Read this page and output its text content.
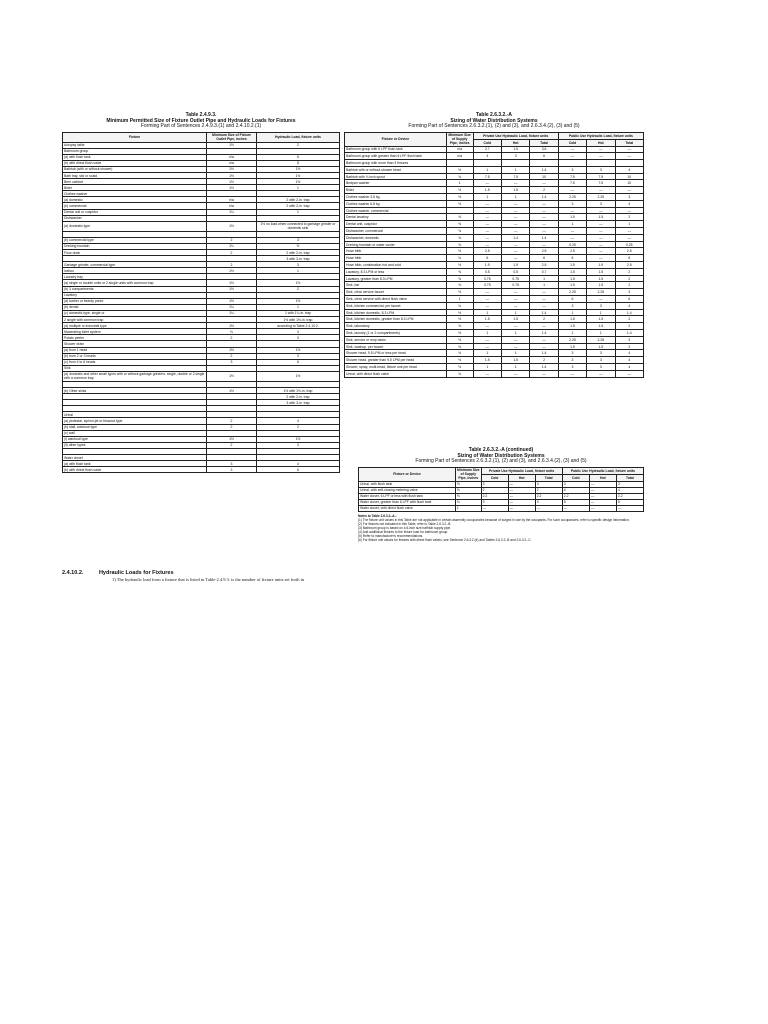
Table 2.4.9.3.
Minimum Permitted Size of Fixture Outlet Pipe and Hydraulic Loads for Fixtures
Forming Part of Sentences 2.4.9.3.(1) and 2.4.10.2.(1)
Fixture	Minimum Size of Fixture Outlet Pipe, inches	Hydraulic Load, fixture units
Autopsy table	1½	2
Bathroom group		
(a) with flush tank	n/a	6
(b) with direct flush valve	n/a	8
Bathtub (with or without shower)	1½	1½
Bath tray, sitz or scald	1½	1½
Beer cabinet	1½	1½
Bidet	1½	1
Clothes washer		
(a) domestic	n/a	2 with 2-in. trap
(b) commercial	n/a	2 with 2-in. trap
Dental unit or cuspidor	1¼	1
Dishwasher		
(a) domestic type	1½	1½ no load when connected to garbage grinder or domestic sink

(b) commercial type	2	3
Drinking fountain	1¼	½
Floor drain	2	2 with 2-in. trap
		3 with 3-in. trap
Garbage grinder, commercial type	2	3
Icebox	1½	1
Laundry tray		
(a) single or double units or 2 single units with common trap	1½	1½
(b) 3 compartments	1½	2
Lavatory		
(a) barber or beauty parlor	1½	1½
(b) dental	1¼	1
(c) domestic type, single or	1¼	1 with 1¼-in. trap
2 single with common trap		1½ with 1½-in. trap
(d) multiple or industrial type	1½	according to Table 2.4.10.2.
Macerating toilet system	¾	4
Potato peeler	2	3
Shower drain		
(a) from 1 head	1½	1½
(b) from 2 or 3 heads	2	3
(c) from 4 to 6 heads	3	6
Sink		
(a) domestic and other small types with or without garbage grinders, single, double or 2 single with a common trap	1½	1½

(b) Other sinks	1½	1½ with 1½-in. trap
		2 with 2-in. trap
		3 with 3-in. trap

Urinal		
(a) pedestal, siphon-jet or blowout type	2	4
(b) stall, washout type	2	2
(c) wall		
(i) washout type	1½	1½
(ii) other types	2	3

Water closet		
(a) with flush tank	3	4
(b) with direct flush valve	3	6
2.4.10.2.	Hydraulic Loads for Fixtures
1) The hydraulic load from a fixture that is listed in Table 2.4.9.3. is the number of fixture units set forth in
Table 2.6.3.2.-A
Sizing of Water Distribution Systems
Forming Part of Sentences 2.6.3.2.(1), (2) and (3), and 2.6.3.4.(2), (3) and (5)
Fixture or Device	Minimum Size of Supply Pipe, inches	Private Use Hydraulic Load, fixture units			Public Use Hydraulic Load, fixture units		
		Cold	Hot	Total	Cold	Hot	Total
Bathroom group with 6 LPF flush tank	n/a	2.7	1.5	3.6	—	—	—
Bathroom group with greater than 6 LPF flush tank	n/a	4	3	6	—	—	—
Bathroom group with more than 3 fixtures							
Bathtub with or without shower head	½	1	1	1.4	3	3	4
Bathtub with ¾ inch spout	¾	7.5	7.5	10	7.5	7.5	10
Bedpan washer	1	—	—	—	7.5	7.5	10
Bidet	½	1.5	1.5	2	—	—	—
Clothes washer 3.5 kg	½	1	1	1.4	2.25	2.25	3
Clothes washer 6.8 kg	½	—	—	—	3	3	4
Clothes washer, commercial		—	—	—	—	—	—
Dental lavatory	⅜	—	—	—	1.5	1.5	2
Dental unit, cuspidor	⅜	—	—	—	1	—	1
Dishwasher, commercial	¾	—	—	—	—	—	—
Dishwasher, domestic	⅜	—	1.4	1.4	—	—	—
Drinking fountain or water cooler	⅜	—	—	—	0.25	—	0.25
Hose bibb	½	2.5	—	2.5	2.5	—	2.5
Hose bibb	¾	6	—	6	6	—	6
Hose bibb, combination hot and cold	½	1.9	1.9	2.5	1.9	1.9	2.5
Lavatory, 8.3 LPM or less	⅜	0.5	0.5	0.7	1.5	1.5	2
Lavatory, greater than 8.3 LPM	⅜	0.75	0.75	1	1.5	1.5	2
Sink, bar	⅜	0.75	0.75	1	1.5	1.5	2
Sink, clinic service faucet	½	—	—	—	2.25	2.25	3
Sink, clinic service with direct flush valve	1	—	—	—	6	—	6
Sink, kitchen commercial, per faucet	¾	—	—	—	3	3	4
Sink, kitchen domestic, 8.3 LPM	½	1	1	1.4	1	1	1.4
Sink, kitchen domestic, greater than 8.3 LPM	½	1.5	1.5	2	1.5	1.5	2
Sink, laboratory	⅜	—	—	—	1.5	1.5	2
Sink, laundry (1 or 2 compartments)	½	1	1	1.4	1	1	1.4
Sink, service or mop basin	½	—	—	—	2.25	2.25	3
Sink, washup, per faucet	⅜	—	—	—	1.5	1.5	2
Shower head, 9.5 LPM or less per head	½	1	1	1.4	3	3	4
Shower head, greater than 9.5 LPM per head	½	1.5	1.5	2	3	3	4
Shower, spray, multi-head, fixture unit per head	½	1	1	1.4	3	3	4
Urinal, with direct flush valve	¾	—	—	—	—	—	—
Table 2.6.3.2.-A (continued)
Sizing of Water Distribution Systems
Forming Part of Sentences 2.6.3.2.(1), (2) and (3), and 2.6.3.4.(2), (3) and (5)
Fixture or Device	Minimum Size of Supply Pipe, inches	Private Use Hydraulic Load, fixture units			Public Use Hydraulic Load, fixture units		
		Cold	Hot	Total	Cold	Hot	Total
Urinal, with flush tank	⅜	3	—	3	3	—	3
Urinal, with self-closing metering valve	⅜	2	—	2	4	—	4
Water closet, 6 LPF or less with flush tank	⅜	2.2	—	2.2	2.2	—	2.2
Water closet, greater than 6 LPF with flush tank	⅜	3	—	3	5	—	5
Water closet, with direct flush valve	1	—	—	—	—	—	—
Notes to Table 2.6.3.2.-A.:
(1) The fixture unit values in this Table are not applicable in certain assembly occupancies because of surges in use by the occupants. For such occupancies, refer to specific design information.
(2) For fixtures not indicated in this Table, refer to Table 2.6.3.2.-B.
(3) Bathroom group is based on a 5-inch size bathtub supply pipe.
(4) Add additional fixtures to the fixture load for bathroom group.
(5) Refer to manufacturer's recommendations.
(6) For fixture unit values for fixtures with direct flush valves, see Sentence 2.6.3.2.(4) and Tables 2.6.3.2.-B and 2.6.3.2.-C.
